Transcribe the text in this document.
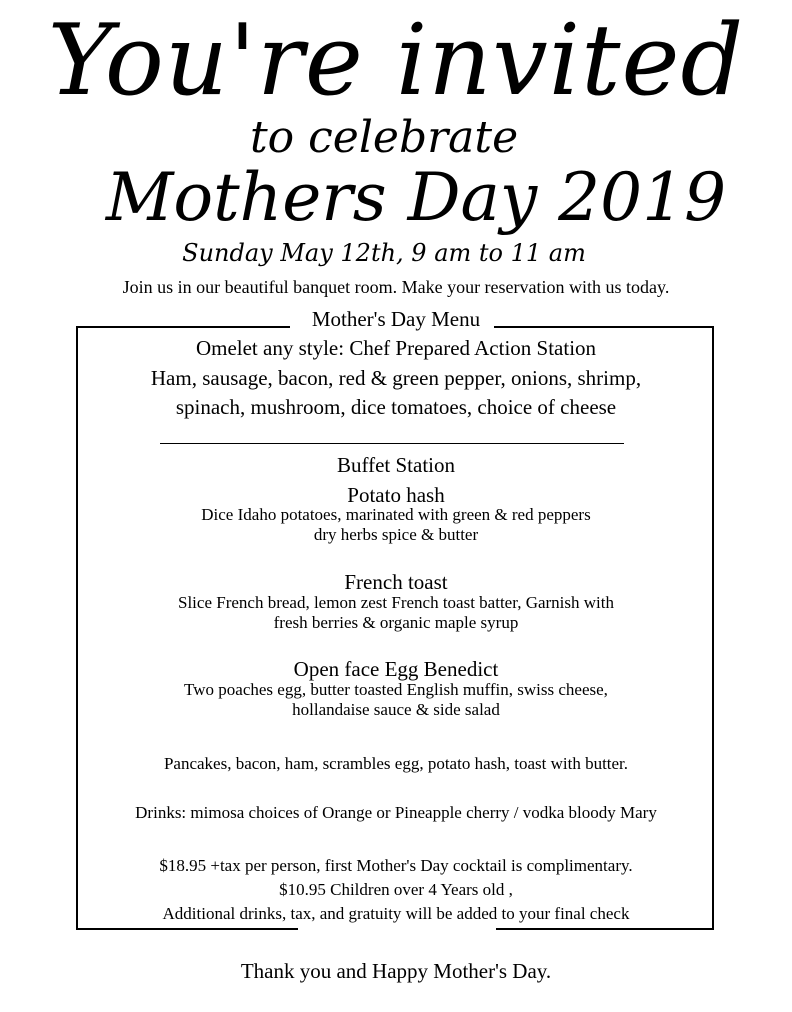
You're invited
to celebrate
Mothers Day 2019
Sunday May 12th, 9 am to 11 am
Join us in our beautiful banquet room. Make your reservation with us today.
Mother's Day Menu
Omelet any style: Chef Prepared Action Station
Ham, sausage, bacon, red & green pepper, onions, shrimp,
spinach, mushroom, dice tomatoes, choice of cheese
Buffet Station
Potato hash
Dice Idaho potatoes, marinated with green & red peppers
dry herbs spice & butter
French toast
Slice French bread, lemon zest French toast batter, Garnish with
fresh berries & organic maple syrup
Open face Egg Benedict
Two poaches egg, butter toasted English muffin, swiss cheese,
hollandaise sauce & side salad
Pancakes, bacon, ham, scrambles egg, potato hash, toast with butter.
Drinks: mimosa choices of Orange or Pineapple cherry / vodka bloody Mary
$18.95 +tax per person, first Mother's Day cocktail is complimentary.
$10.95 Children over 4 Years old ,
Additional drinks, tax, and gratuity will be added to your final check
Thank you and Happy Mother's Day.
